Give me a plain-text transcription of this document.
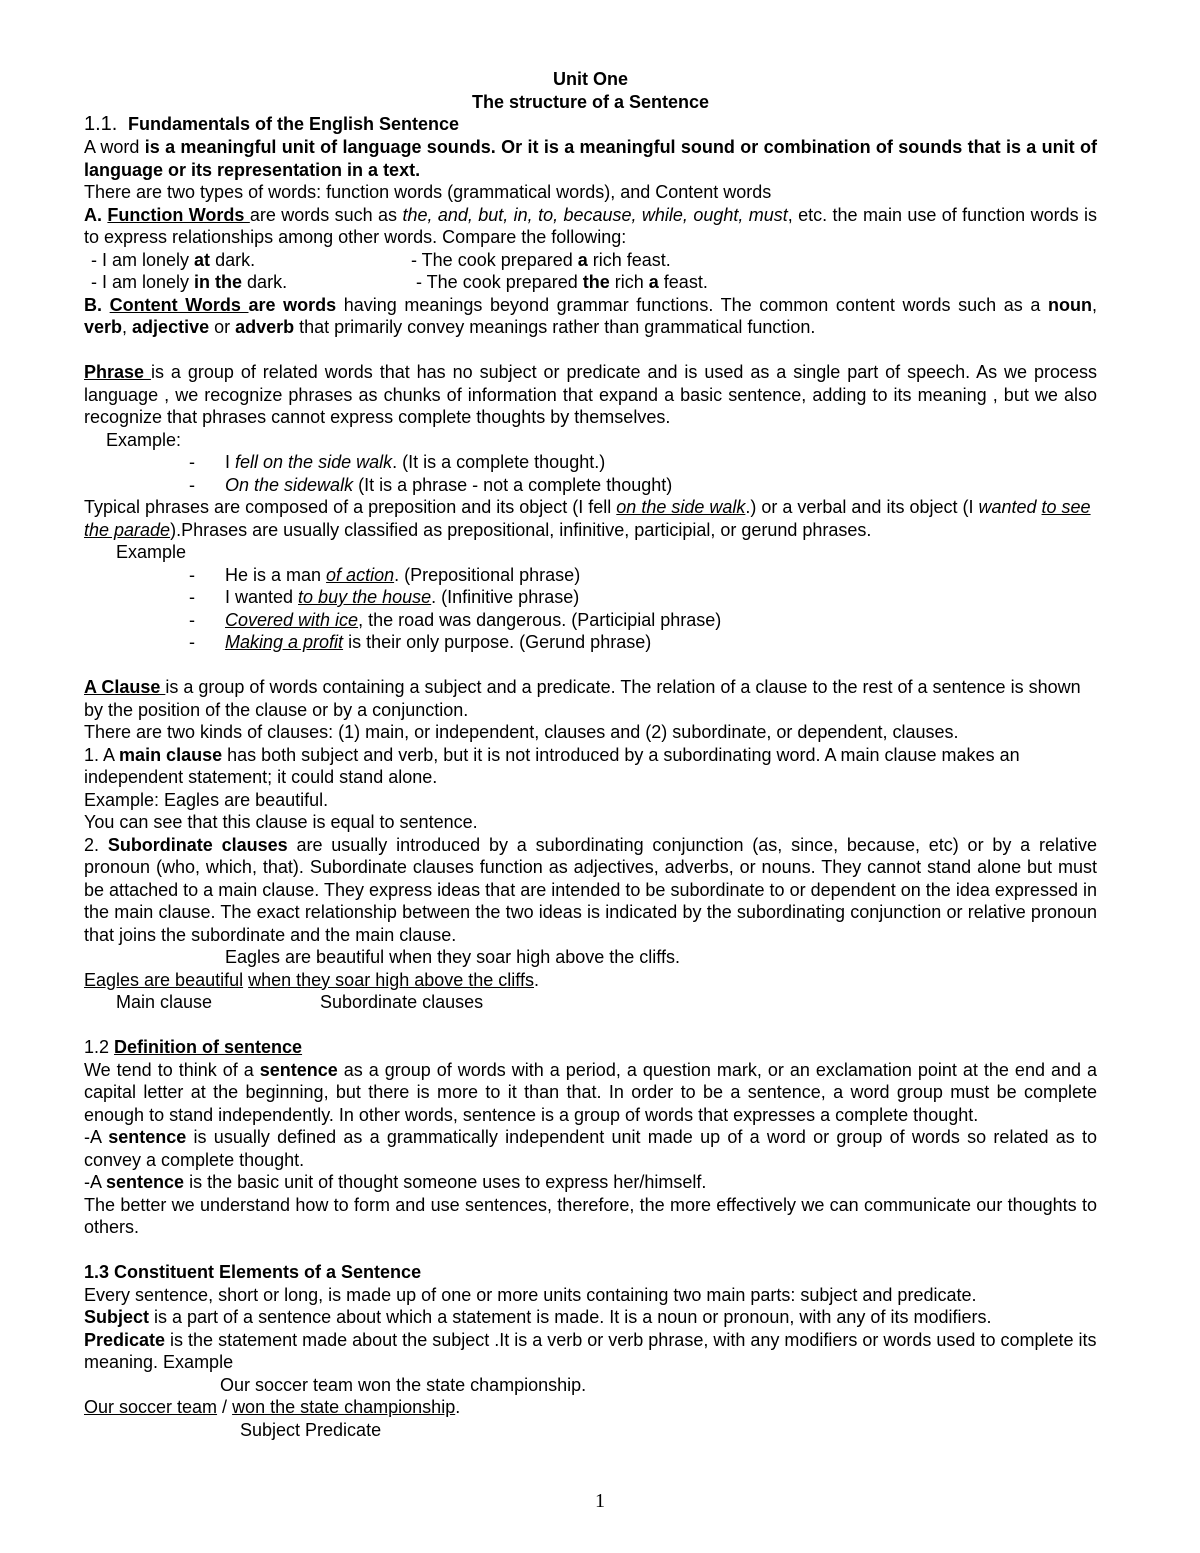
Unit One

The structure of a Sentence

1.1. Fundamentals of the English Sentence

A word is a meaningful unit of language sounds. Or it is a meaningful sound or combination of sounds that is a unit of language or its representation in a text.

There are two types of words: function words (grammatical words), and Content words

A. Function Words are words such as the, and, but, in, to, because, while, ought, must, etc. the main use of function words is to express relationships among other words. Compare the following:

- I am lonely at dark.	- The cook prepared a rich feast.

- I am lonely in the dark.	- The cook prepared the rich a feast.

B. Content Words are words having meanings beyond grammar functions. The common content words such as a noun, verb, adjective or adverb that primarily convey meanings rather than grammatical function.

Phrase is a group of related words that has no subject or predicate and is used as a single part of speech. As we process language , we recognize phrases as chunks of information that expand a basic sentence, adding to its meaning , but we also recognize that phrases cannot express complete thoughts by themselves.

Example:

- I fell on the side walk. (It is a complete thought.)

- On the sidewalk (It is a phrase - not a complete thought)

Typical phrases are composed of a preposition and its object (I fell on the side walk.) or a verbal and its object (I wanted to see the parade).Phrases are usually classified as prepositional, infinitive, participial, or gerund phrases.

Example

- He is a man of action. (Prepositional phrase)

- I wanted to buy the house. (Infinitive phrase)

- Covered with ice, the road was dangerous. (Participial phrase)

- Making a profit is their only purpose. (Gerund phrase)

A Clause is a group of words containing a subject and a predicate. The relation of a clause to the rest of a sentence is shown by the position of the clause or by a conjunction.

There are two kinds of clauses: (1) main, or independent, clauses and (2) subordinate, or dependent, clauses.

1. A main clause has both subject and verb, but it is not introduced by a subordinating word. A main clause makes an independent statement; it could stand alone.

Example: Eagles are beautiful.

You can see that this clause is equal to sentence.

2. Subordinate clauses are usually introduced by a subordinating conjunction (as, since, because, etc) or by a relative pronoun (who, which, that). Subordinate clauses function as adjectives, adverbs, or nouns. They cannot stand alone but must be attached to a main clause. They express ideas that are intended to be subordinate to or dependent on the idea expressed in the main clause. The exact relationship between the two ideas is indicated by the subordinating conjunction or relative pronoun that joins the subordinate and the main clause.

Eagles are beautiful when they soar high above the cliffs.

Eagles are beautiful when they soar high above the cliffs.

Main clause	Subordinate clauses

1.2 Definition of sentence

We tend to think of a sentence as a group of words with a period, a question mark, or an exclamation point at the end and a capital letter at the beginning, but there is more to it than that. In order to be a sentence, a word group must be complete enough to stand independently. In other words, sentence is a group of words that expresses a complete thought.

-A sentence is usually defined as a grammatically independent unit made up of a word or group of words so related as to convey a complete thought.

-A sentence is the basic unit of thought someone uses to express her/himself.

The better we understand how to form and use sentences, therefore, the more effectively we can communicate our thoughts to others.

1.3 Constituent Elements of a Sentence

Every sentence, short or long, is made up of one or more units containing two main parts: subject and predicate.

Subject is a part of a sentence about which a statement is made. It is a noun or pronoun, with any of its modifiers.

Predicate is the statement made about the subject .It is a verb or verb phrase, with any modifiers or words used to complete its meaning. Example

Our soccer team won the state championship.

Our soccer team / won the state championship.

Subject Predicate

1
